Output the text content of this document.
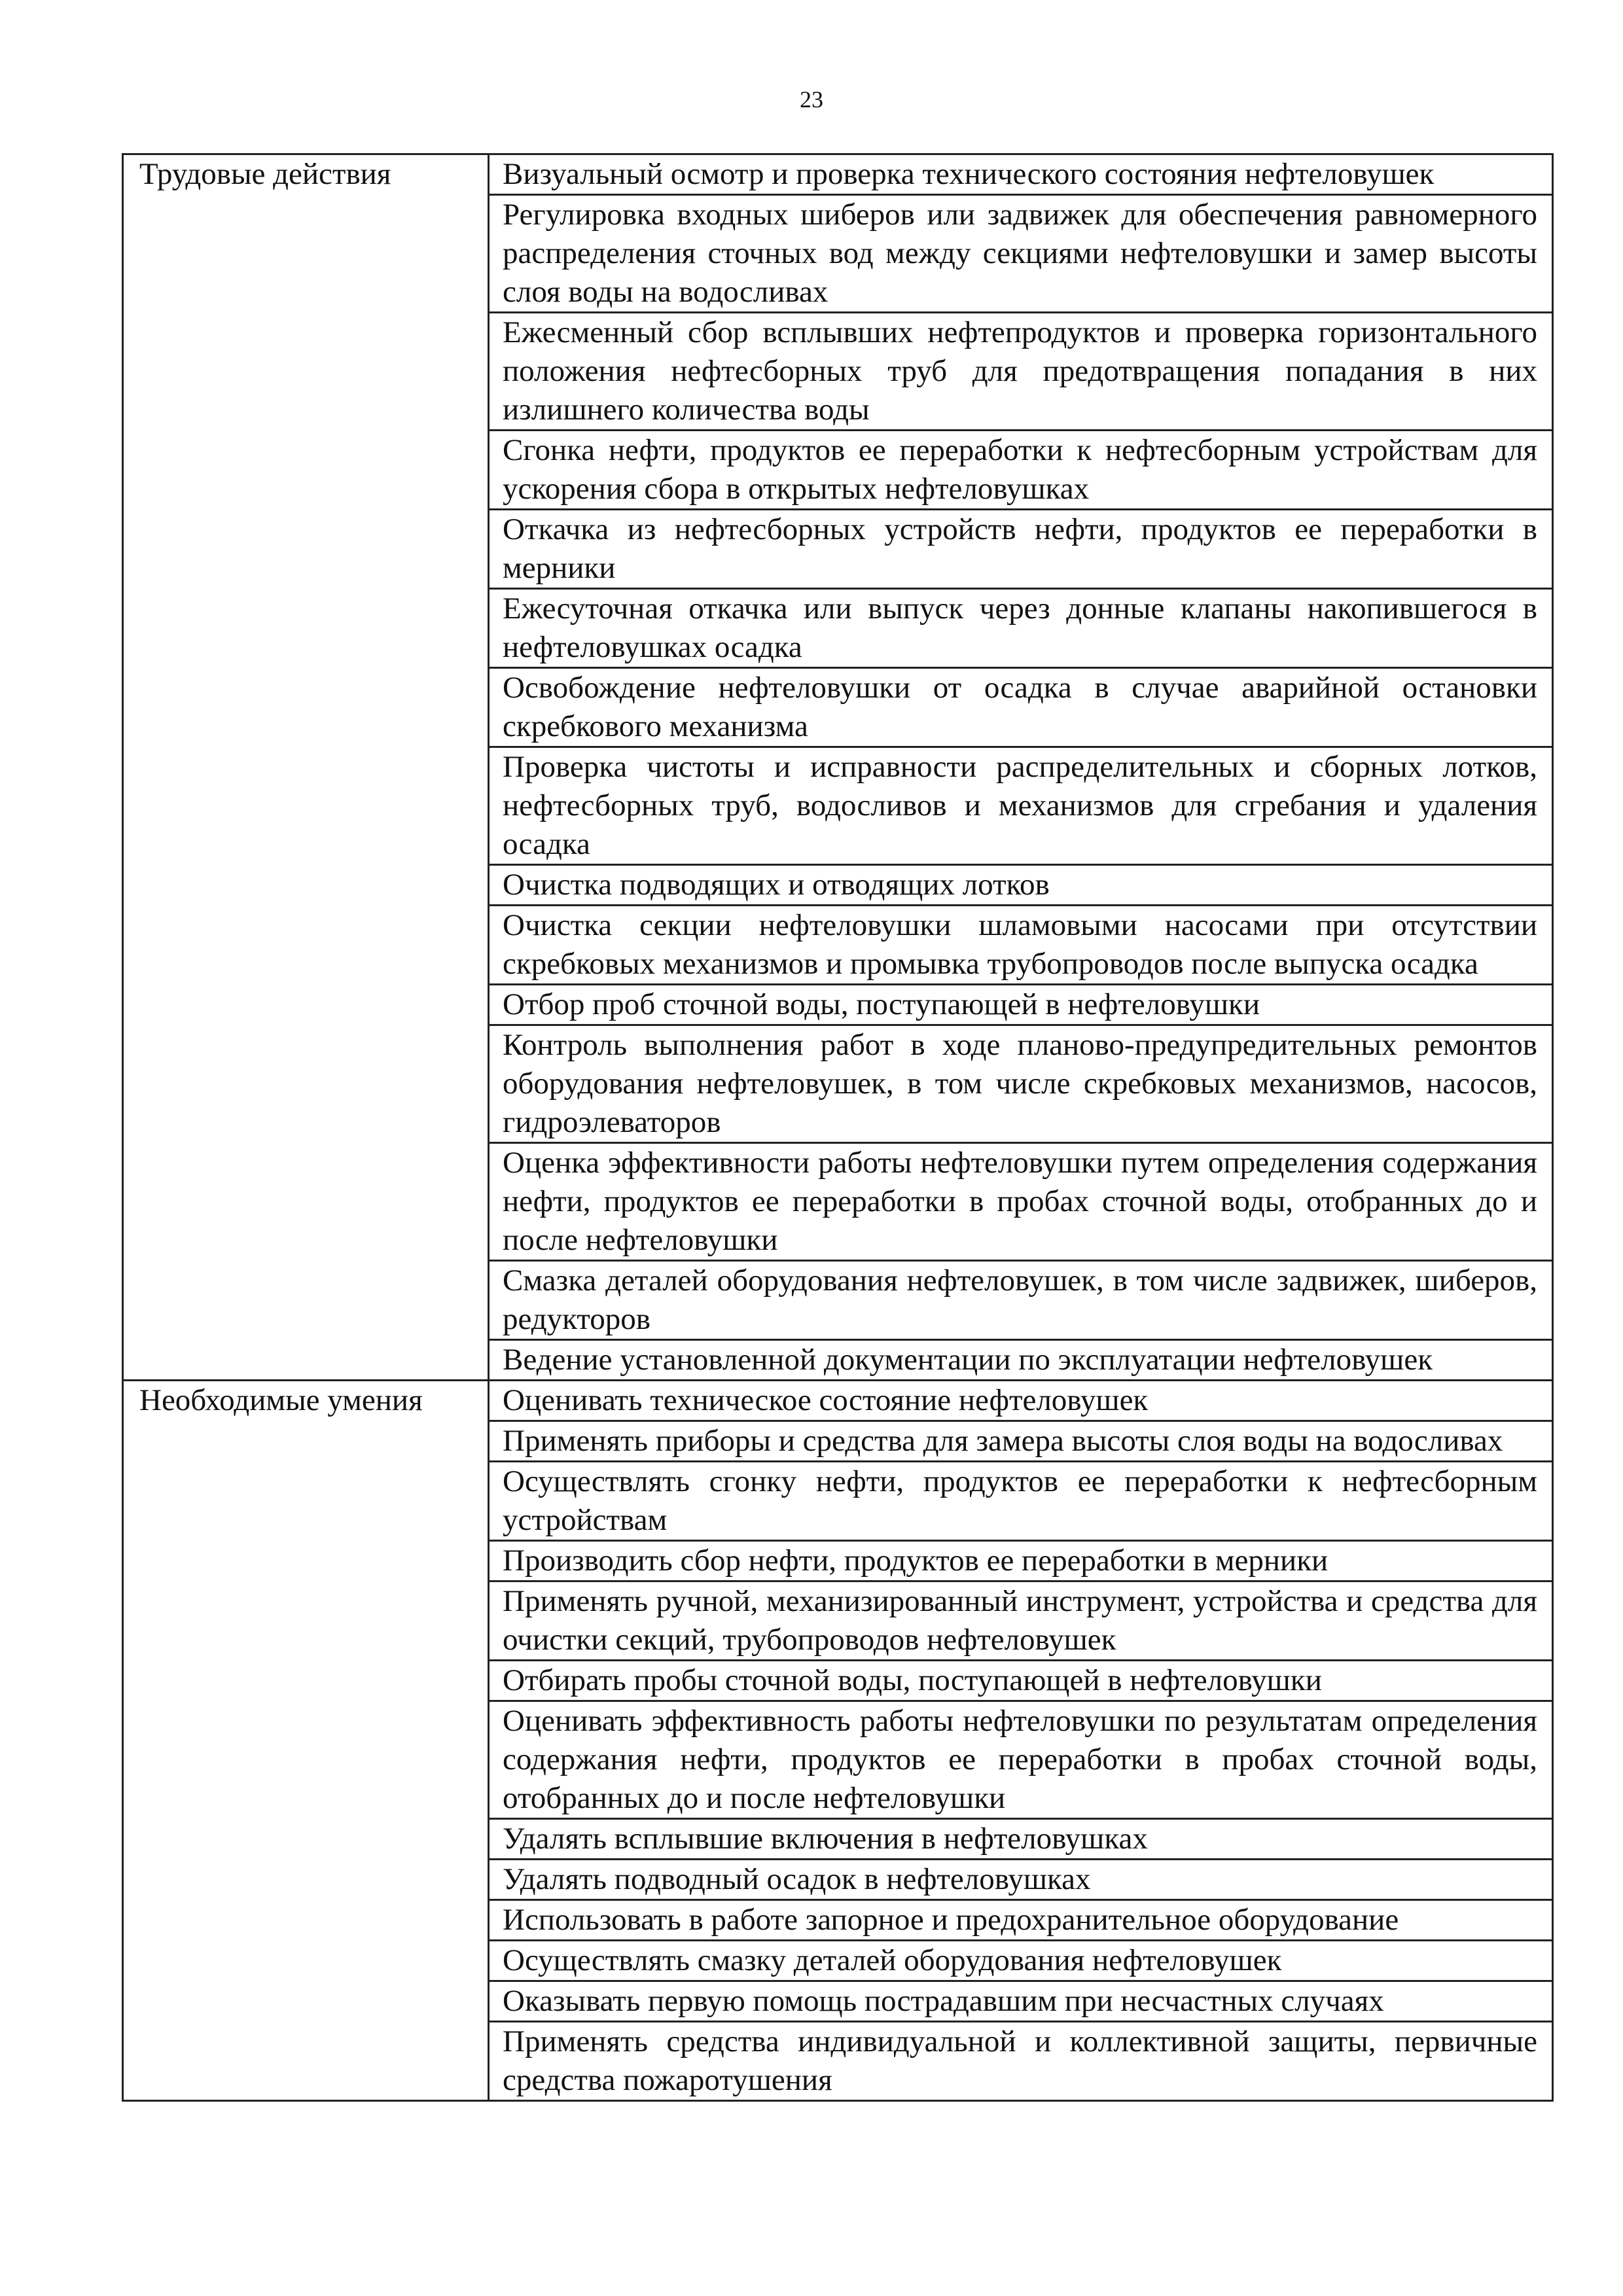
23
Трудовые действия	Визуальный осмотр и проверка технического состояния нефтеловушек
	Регулировка входных шиберов или задвижек для обеспечения равномерного распределения сточных вод между секциями нефтеловушки и замер высоты слоя воды на водосливах
	Ежесменный сбор всплывших нефтепродуктов и проверка горизонтального положения нефтесборных труб для предотвращения попадания в них излишнего количества воды
	Сгонка нефти, продуктов ее переработки к нефтесборным устройствам для ускорения сбора в открытых нефтеловушках
	Откачка из нефтесборных устройств нефти, продуктов ее переработки в мерники
	Ежесуточная откачка или выпуск через донные клапаны накопившегося в нефтеловушках осадка
	Освобождение нефтеловушки от осадка в случае аварийной остановки скребкового механизма
	Проверка чистоты и исправности распределительных и сборных лотков, нефтесборных труб, водосливов и механизмов для сгребания и удаления осадка
	Очистка подводящих и отводящих лотков
	Очистка секции нефтеловушки шламовыми насосами при отсутствии скребковых механизмов и промывка трубопроводов после выпуска осадка
	Отбор проб сточной воды, поступающей в нефтеловушки
	Контроль выполнения работ в ходе планово-предупредительных ремонтов оборудования нефтеловушек, в том числе скребковых механизмов, насосов, гидроэлеваторов
	Оценка эффективности работы нефтеловушки путем определения содержания нефти, продуктов ее переработки в пробах сточной воды, отобранных до и после нефтеловушки
	Смазка деталей оборудования нефтеловушек, в том числе задвижек, шиберов, редукторов
	Ведение установленной документации по эксплуатации нефтеловушек
Необходимые умения	Оценивать техническое состояние нефтеловушек
	Применять приборы и средства для замера высоты слоя воды на водосливах
	Осуществлять сгонку нефти, продуктов ее переработки к нефтесборным устройствам
	Производить сбор нефти, продуктов ее переработки в мерники
	Применять ручной, механизированный инструмент, устройства и средства для очистки секций, трубопроводов нефтеловушек
	Отбирать пробы сточной воды, поступающей в нефтеловушки
	Оценивать эффективность работы нефтеловушки по результатам определения содержания нефти, продуктов ее переработки в пробах сточной воды, отобранных до и после нефтеловушки
	Удалять всплывшие включения в нефтеловушках
	Удалять подводный осадок в нефтеловушках
	Использовать в работе запорное и предохранительное оборудование
	Осуществлять смазку деталей оборудования нефтеловушек
	Оказывать первую помощь пострадавшим при несчастных случаях
	Применять средства индивидуальной и коллективной защиты, первичные средства пожаротушения
